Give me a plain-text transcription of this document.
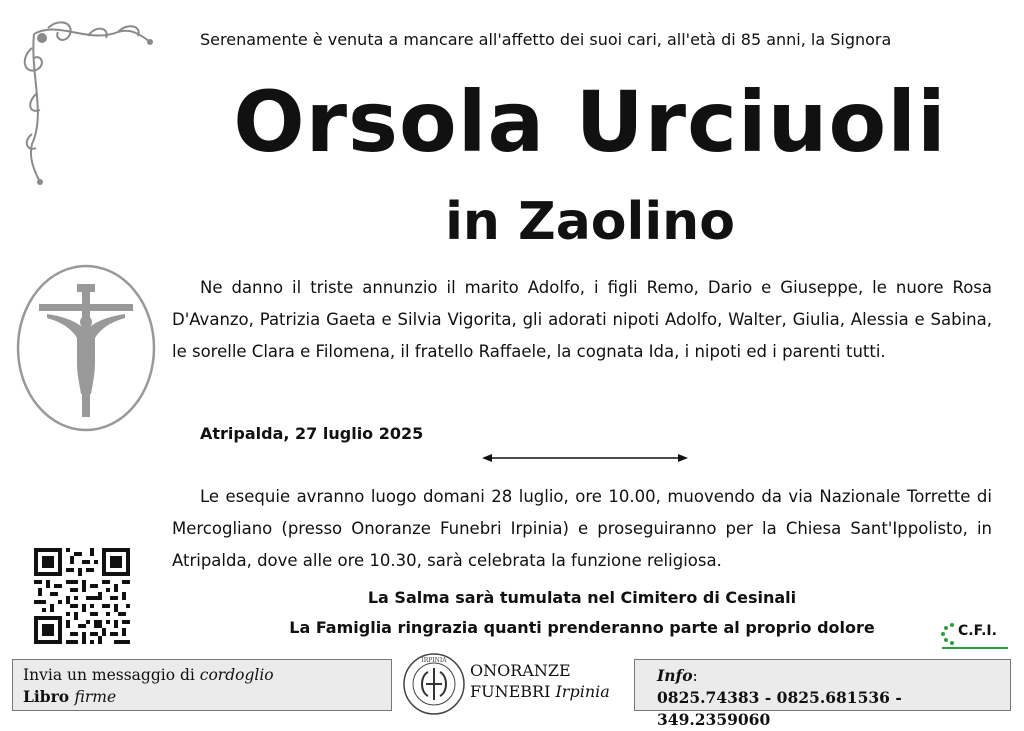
Serenamente è venuta a mancare all'affetto dei suoi cari, all'età di 85 anni, la Signora
Orsola Urciuoli
in Zaolino
Ne danno il triste annunzio il marito Adolfo, i figli Remo, Dario e Giuseppe, le nuore Rosa D'Avanzo, Patrizia Gaeta e Silvia Vigorita, gli adorati nipoti Adolfo, Walter, Giulia, Alessia e Sabina, le sorelle Clara e Filomena, il fratello Raffaele, la cognata Ida, i nipoti ed i parenti tutti.
Atripalda, 27 luglio 2025
Le esequie avranno luogo domani 28 luglio, ore 10.00, muovendo da via Nazionale Torrette di Mercogliano (presso Onoranze Funebri Irpinia) e proseguiranno per la Chiesa Sant'Ippolisto, in Atripalda, dove alle ore 10.30, sarà celebrata la funzione religiosa.
La Salma sarà tumulata nel Cimitero di Cesinali
La Famiglia ringrazia quanti prenderanno parte al proprio dolore	C.F.I.
Invia un messaggio di cordoglio
Libro firme
IRPINIA
ONORANZE
FUNEBRI Irpinia
Info:
0825.74383 - 0825.681536 - 349.2359060
